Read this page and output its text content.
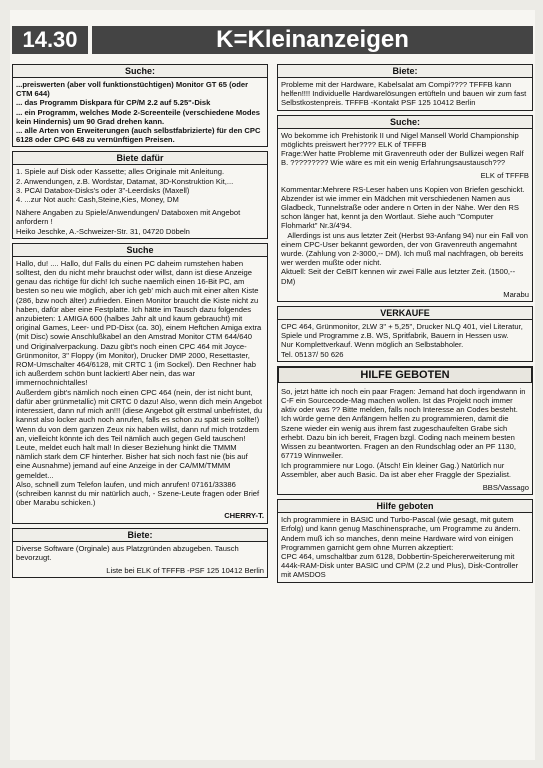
14.30	K=Kleinanzeigen
Suche:
...preiswerten (aber voll funktionstüchtigen) Monitor GT 65 (oder CTM 644)
... das Programm Diskpara für CP/M 2.2 auf 5.25"-Disk
... ein Programm, welches Mode 2-Screenteile (verschiedene Modes kein Hindernis) um 90 Grad drehen kann.
... alle Arten von Erweiterungen (auch selbstfabrizierte) für den CPC 6128 oder CPC 648 zu vernünftigen Preisen.
Biete dafür
1. Spiele auf Disk oder Kassette; alles Originale mit Anleitung.
2. Anwendungen, z.B. Wordstar, Datamat, 3D-Konstruktion Kit,...
3. PCAI Databox-Disks's oder 3"-Leerdisks (Maxell)
4. ...zur Not auch: Cash,Steine,Kies, Money, DM
Nähere Angaben zu Spiele/Anwendungen/ Databoxen mit Angebot anfordern !
Heiko Jeschke, A.-Schweizer-Str. 31, 04720 Döbeln
Suche
Hallo, du! .... Hallo, du! Falls du einen PC daheim rumstehen haben solltest, den du nicht mehr brauchst oder willst, dann ist diese Anzeige genau das richtige für dich! Ich suche naemlich einen 16-Bit PC, am besten so neu wie möglich, aber ich geb' mich auch mit einer alten Kiste (286, bzw noch älter) zufrieden. Einen Monitor braucht die Kiste nicht zu haben, dafür aber eine Festplatte. Ich hätte im Tausch dazu folgendes anzubieten: 1 AMIGA 600 (halbes Jahr alt und kaum gebraucht) mit original Games, Leer- und PD-Disx (ca. 30), einem Heftchen Amiga extra (mit Disc) sowie Anschlußkabel an den Amstrad Monitor CTM 644/640 und Originalverpackung. Dazu gibt's noch einen CPC 464 mit Joyce-Grünmonitor, 3" Floppy (im Monitor), Drucker DMP 2000, Resettaster, ROM-Umschalter 464/6128, mit CRTC 1 (im Sockel). Den Rechner hab ich außerdem schön bunt lackiert! Aber nein, das war immernochnichtalles!
Außerdem gibt's nämlich noch einen CPC 464 (nein, der ist nicht bunt, dafür aber grünmetallic) mit CRTC 0 dazu! Also, wenn dich mein Angebot interessiert, dann ruf mich an!!! (diese Angebot gilt erstmal unbefristet, du kannst also locker auch noch anrufen, falls es schon zu spät sein sollte!)
Wenn du von dem ganzen Zeux nix haben willst, dann ruf mich trotzdem an, vielleicht könnte ich des Teil nämlich auch gegen Geld tauschen!
Leute, meldet euch halt mal! In dieser Beziehung hinkt die TMMM nämlich stark dem CF hinterher. Bisher hat sich noch fast nie (bis auf eine Ausnahme) jemand auf eine Anzeige in der CA/MM/TMMM gemeldet...
Also, schnell zum Telefon laufen, und mich anrufen! 07161/33386 (schreiben kannst du mir natürlich auch, - Szene-Leute fragen oder Brief über Marabu schicken.)
CHERRY-T.
Biete:
Diverse Software (Orginale) aus Platzgründen abzugeben. Tausch bevorzugt.
Liste bei ELK of TFFFB -PSF 125 10412 Berlin
Biete:
Probleme mit der Hardware, Kabelsalat am Compi???? TFFFB kann helfen!!!! Individuelle Hardwarelösungen ertüfteln und bauen wir zum fast Selbstkostenpreis. TFFFB -Kontakt PSF 125 10412 Berlin
Suche:
Wo bekomme ich Prehistorik II und Nigel Mansell World Championship möglichts preiswert her???? ELK of TFFFB
Frage:Wer hatte Probleme mit Gravenreuth oder der Bullizei wegen Ralf B. ????????? Wie wäre es mit ein wenig Erfahrungsaustausch???
ELK of TFFFB
Kommentar:Mehrere RS-Leser haben uns Kopien von Briefen geschickt. Abzender ist wie immer ein Mädchen mit verschiedenen Namen aus Gladbeck, Tunnelstraße oder andere n Orten in der Nähe. Wer den RS schon länger hat, kennt ja den Wortlaut. Siehe auch "Computer Flohmarkt" Nr.3/4'94.
Allerdings ist uns aus letzter Zeit (Herbst 93-Anfang 94) nur ein Fall von einem CPC-User bekannt geworden, der von Gravenreuth angemahnt wurde. (Zahlung von 2-3000,-- DM). Ich muß mal nachfragen, ob bereits wer werden mußte oder nicht.
Aktuell: Seit der CeBIT kennen wir zwei Fälle aus letzter Zeit. (1500,--DM)
Marabu
VERKAUFE
CPC 464, Grünmonitor, 2LW 3" + 5,25", Drucker NLQ 401, viel Literatur, Spiele und Programme z.B. WS, Spritfabrik, Bauern in Hessen usw.
Nur Komplettverkauf. Wenn möglich an Selbstabholer.
Tel. 05137/ 50 626
HILFE GEBOTEN
So, jetzt hätte ich noch ein paar Fragen: Jemand hat doch irgendwann in C-F ein Sourcecode-Mag machen wollen. Ist das Projekt noch immer aktiv oder was ?? Bitte melden, falls noch Interesse an Codes besteht.
Ich würde gerne den Anfängern helfen zu programmieren, damit die Szene wieder ein wenig aus ihrem fast zugeschaufelten Grabe sich erhebt. Dazu bin ich bereit, Fragen bzgl. Coding nach meinem besten Wissen zu beantworten. Fragen an den Rundschlag oder an PF 1130, 67719 Winnweiler.
Ich programmiere nur Logo. (Ätsch! Ein kleiner Gag.) Natürlich nur Assembler, aber auch Basic. Da ist aber eher Fraggle der Spezialist.
BBS/Vassago
Hilfe geboten
Ich programmiere in BASIC und Turbo-Pascal (wie gesagt, mit gutem Erfolg) und kann genug Maschinensprache, um Programme zu ändern. Andem muß ich so manches, denn meine Hardware wird von einigen Programmen garnicht gem ohne Murren akzeptiert:
CPC 464, umschaltbar zum 6128, Dobbertin-Speichererweiterung mit 444k-RAM-Disk unter BASIC und CP/M (2.2 und Plus), Disk-Controller mit AMSDOS
